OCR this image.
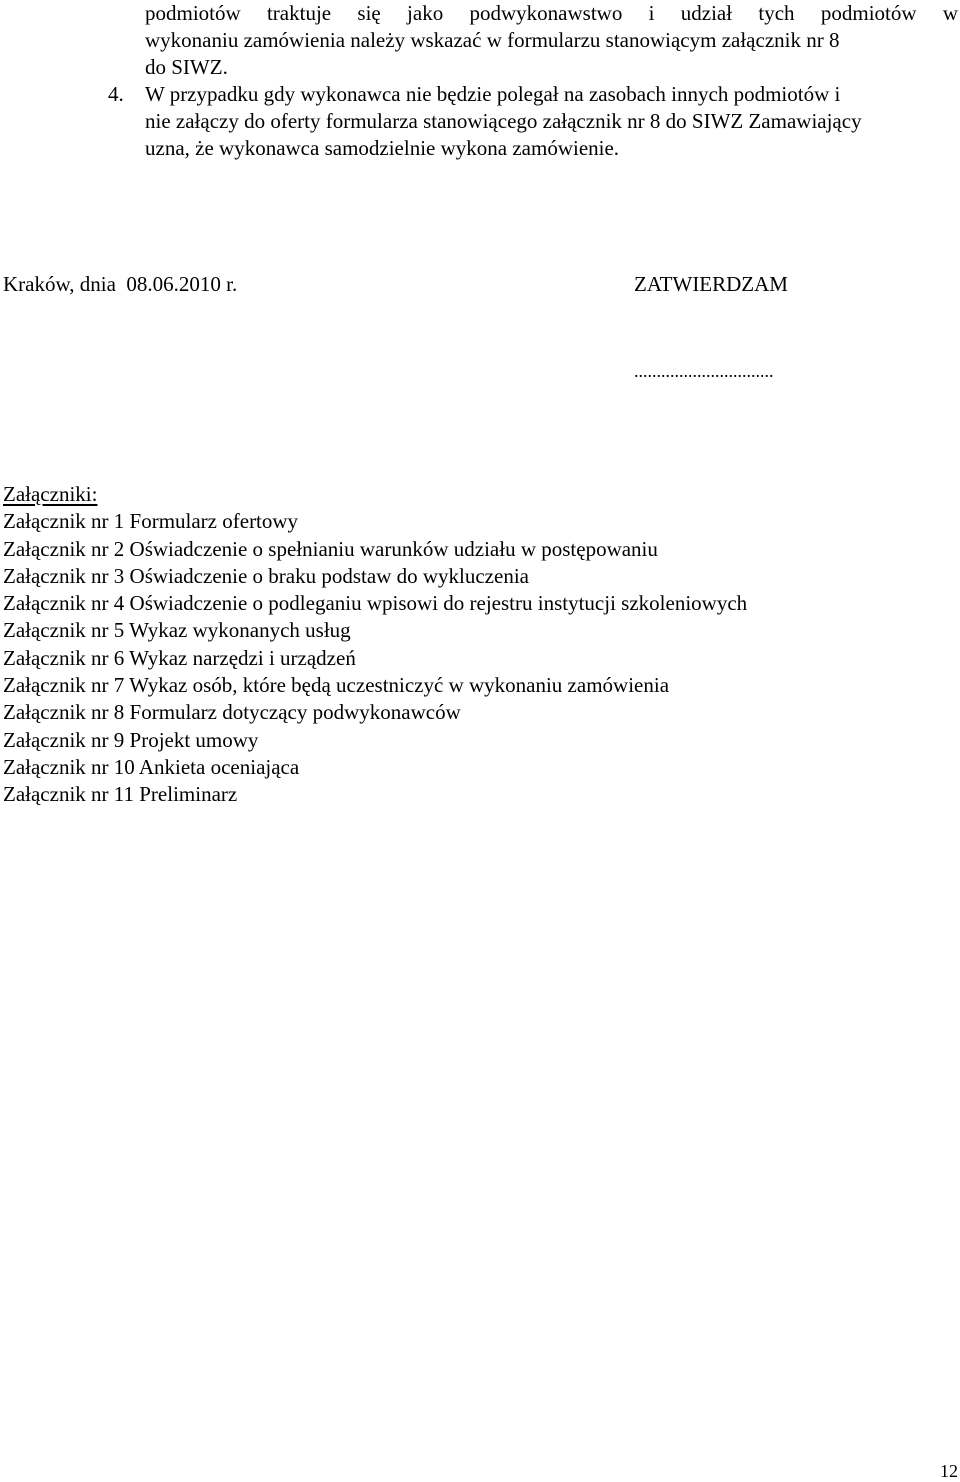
podmiotów traktuje się jako podwykonawstwo i udział tych podmiotów w
wykonaniu zamówienia należy wskazać w formularzu stanowiącym załącznik nr 8
do SIWZ.
4. W przypadku gdy wykonawca nie będzie polegał na zasobach innych podmiotów i
nie załączy do oferty formularza stanowiącego załącznik nr 8 do SIWZ Zamawiający
uzna, że wykonawca samodzielnie wykona zamówienie.
Kraków, dnia  08.06.2010 r.	ZATWIERDZAM
...............................
Załączniki:
Załącznik nr 1 Formularz ofertowy
Załącznik nr 2 Oświadczenie o spełnianiu warunków udziału w postępowaniu
Załącznik nr 3 Oświadczenie o braku podstaw do wykluczenia
Załącznik nr 4 Oświadczenie o podleganiu wpisowi do rejestru instytucji szkoleniowych
Załącznik nr 5 Wykaz wykonanych usług
Załącznik nr 6 Wykaz narzędzi i urządzeń
Załącznik nr 7 Wykaz osób, które będą uczestniczyć w wykonaniu zamówienia
Załącznik nr 8 Formularz dotyczący podwykonawców
Załącznik nr 9 Projekt umowy
Załącznik nr 10 Ankieta oceniająca
Załącznik nr 11 Preliminarz
12
